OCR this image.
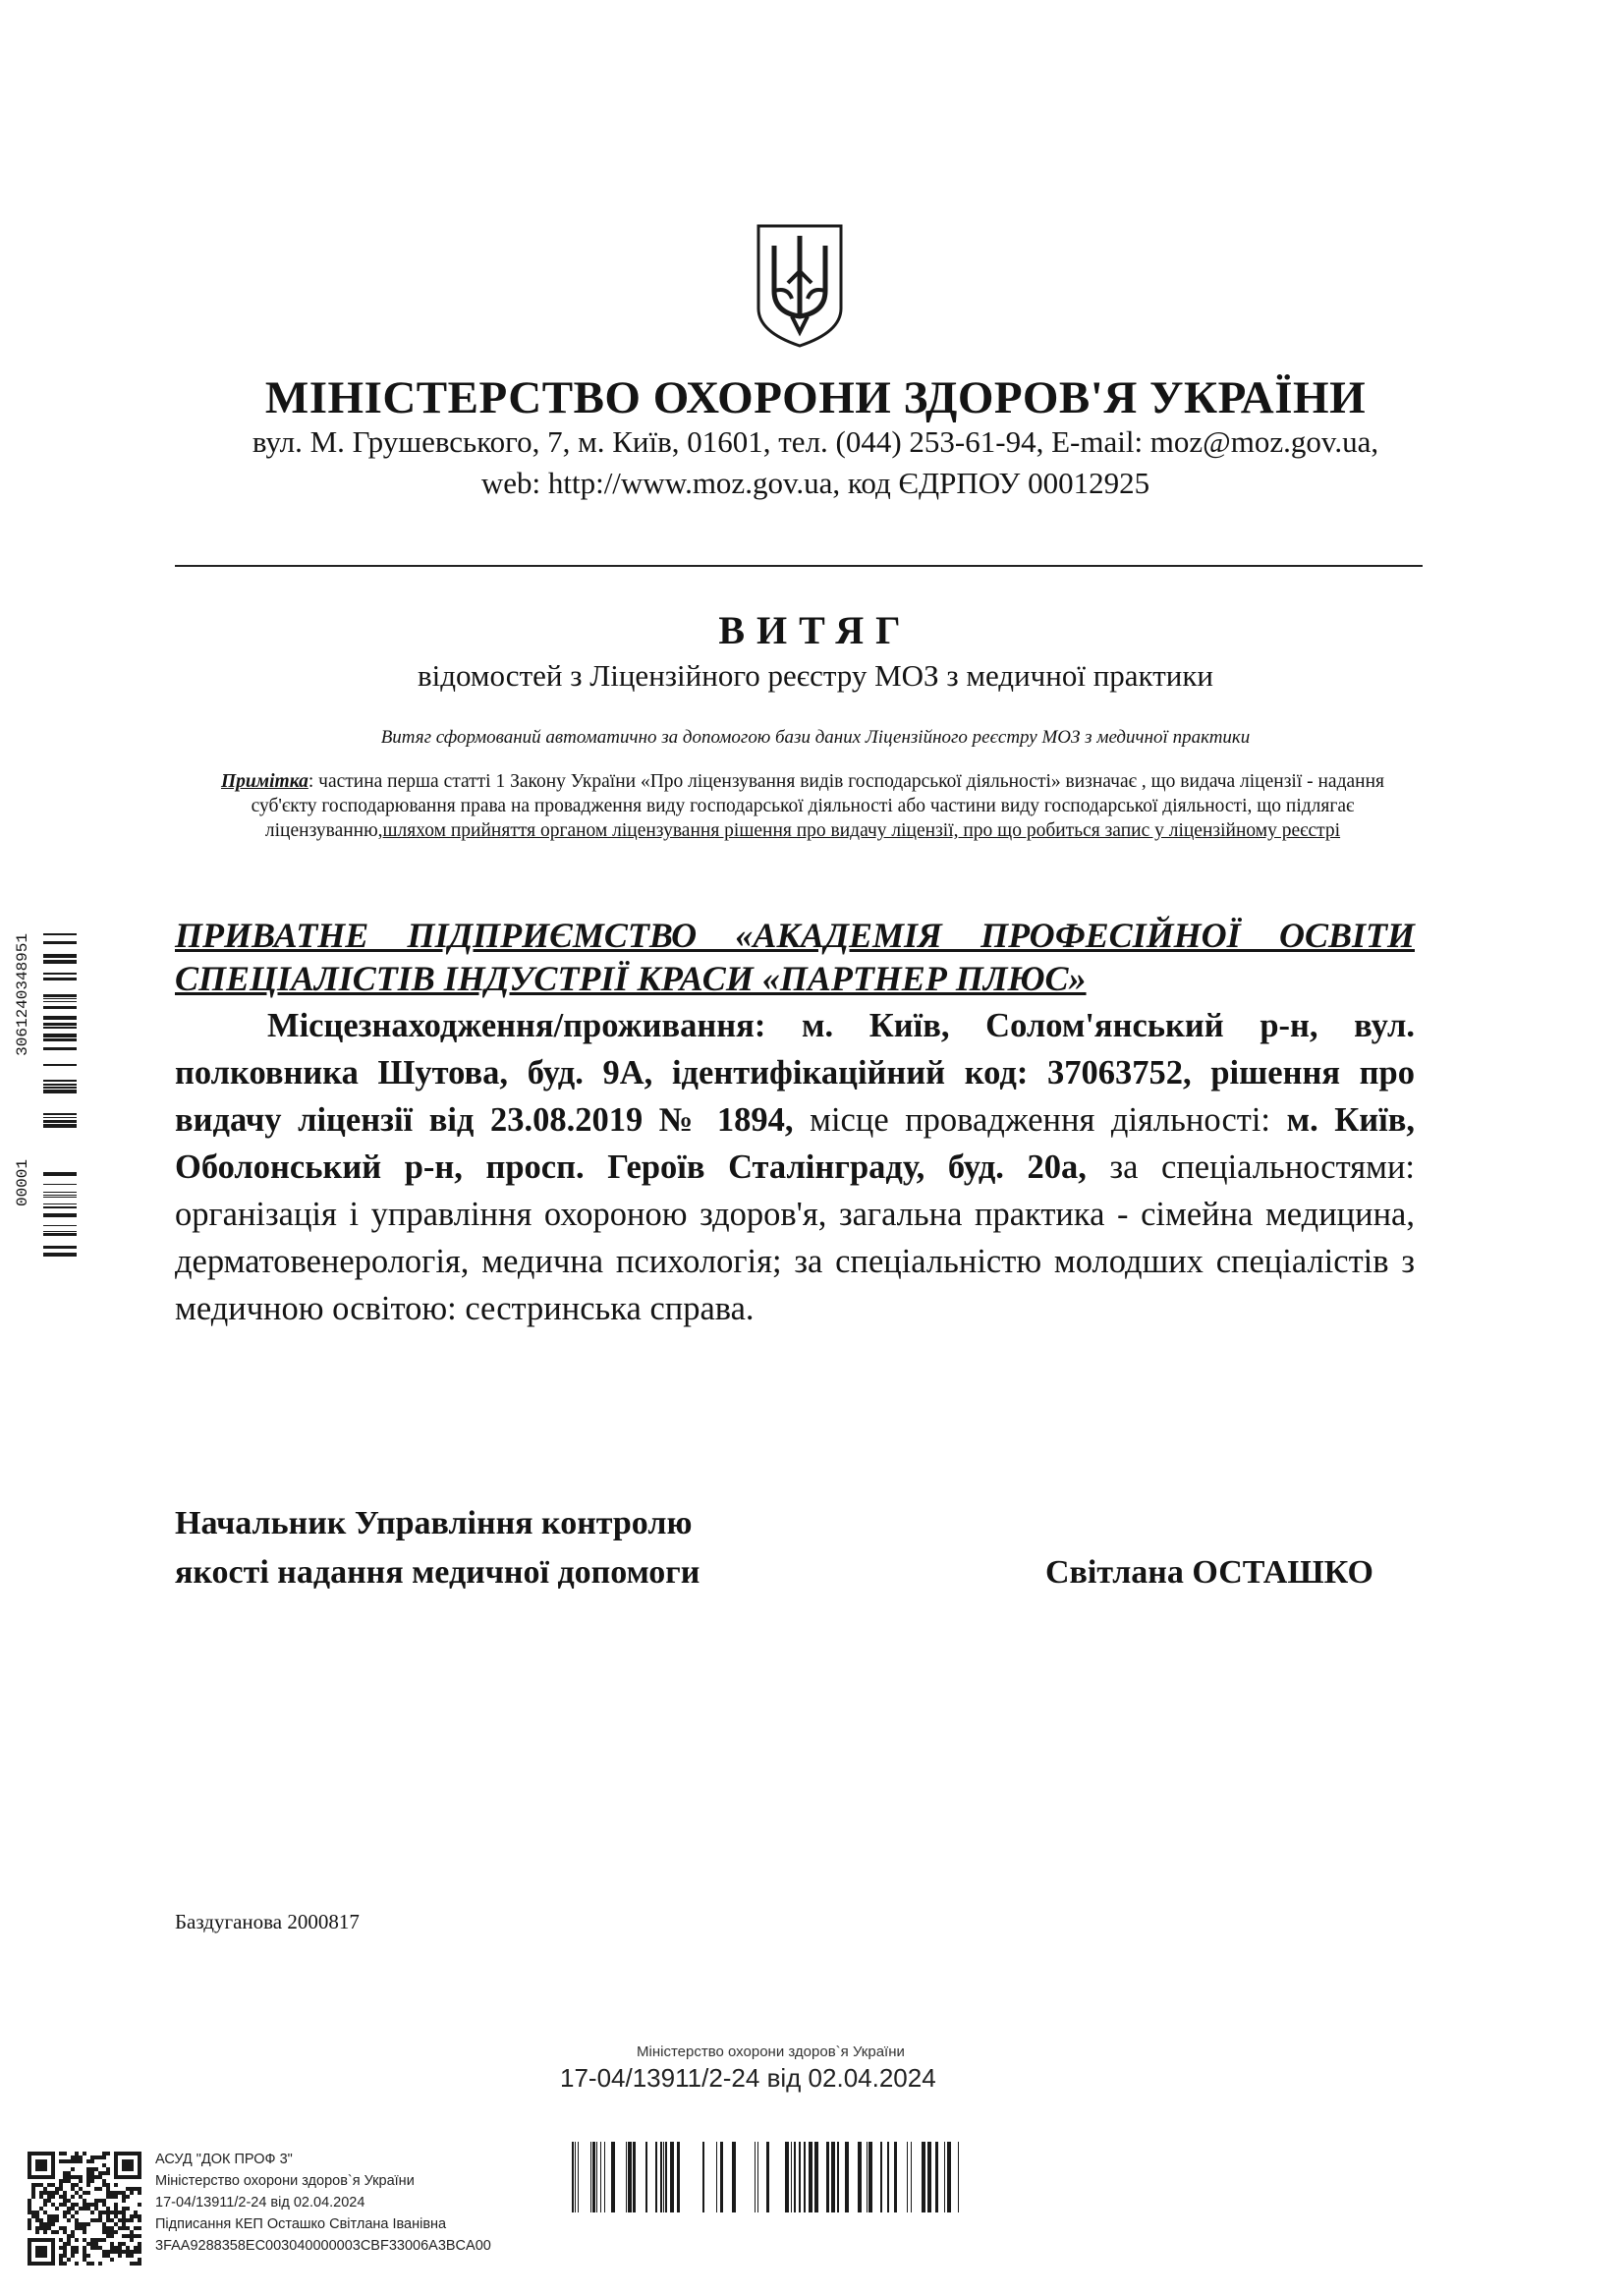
МІНІСТЕРСТВО ОХОРОНИ ЗДОРОВ'Я УКРАЇНИ
вул. М. Грушевського, 7, м. Київ, 01601, тел. (044) 253-61-94, E-mail: moz@moz.gov.ua,
web: http://www.moz.gov.ua, код ЄДРПОУ 00012925
ВИТЯГ
відомостей з Ліцензійного реєстру МОЗ з медичної практики
Витяг сформований автоматично за допомогою бази даних Ліцензійного реєстру МОЗ з медичної практики
Примітка: частина перша статті 1 Закону України «Про ліцензування видів господарської діяльності» визначає , що видача ліцензії - надання суб'єкту господарювання права на провадження виду господарської діяльності або частини виду господарської діяльності, що підлягає ліцензуванню,шляхом прийняття органом ліцензування рішення про видачу ліцензії, про що робиться запис у ліцензійному реєстрі
ПРИВАТНЕ ПІДПРИЄМСТВО «АКАДЕМІЯ ПРОФЕСІЙНОЇ ОСВІТИ
СПЕЦІАЛІСТІВ ІНДУСТРІЇ КРАСИ «ПАРТНЕР ПЛЮС»
Місцезнаходження/проживання: м. Київ, Солом'янський р-н, вул. полковника Шутова, буд. 9А, ідентифікаційний код: 37063752, рішення про видачу ліцензії від 23.08.2019 № 1894, місце провадження діяльності: м. Київ, Оболонський р-н, просп. Героїв Сталінграду, буд. 20а, за спеціальностями: організація і управління охороною здоров'я, загальна практика - сімейна медицина, дерматовенерологія, медична психологія; за спеціальністю молодших спеціалістів з медичною освітою: сестринська справа.
Начальник Управління контролю
якості надання медичної допомоги	Світлана ОСТАШКО
Баздуганова 2000817
АСУД "ДОК ПРОФ 3"
Міністерство охорони здоров`я України
17-04/13911/2-24 від 02.04.2024
Підписання КЕП Осташко Світлана Іванівна
3FAA9288358EC003040000003CBF33006A3BCA00
Міністерство охорони здоров`я України
17-04/13911/2-24 від 02.04.2024
3061240348951
00001
